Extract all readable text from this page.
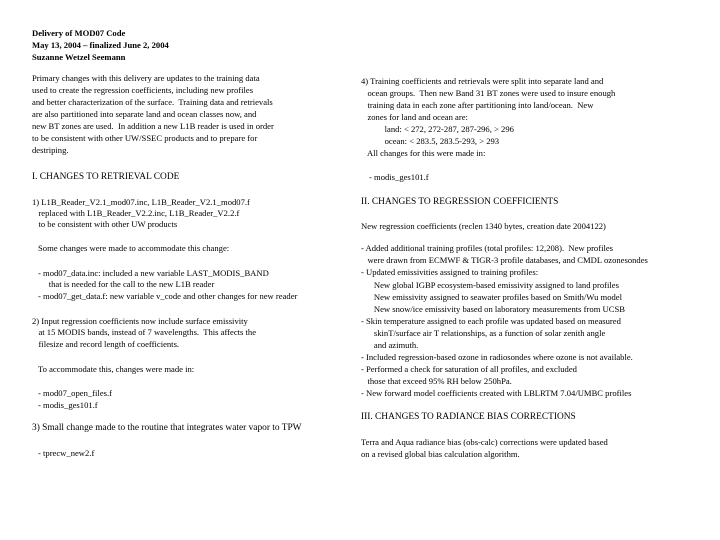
Delivery of MOD07 Code
May 13, 2004 – finalized June 2, 2004
Suzanne Wetzel Seemann
Primary changes with this delivery are updates to the training data
used to create the regression coefficients, including new profiles
and better characterization of the surface.  Training data and retrievals
are also partitioned into separate land and ocean classes now, and
new BT zones are used.  In addition a new L1B reader is used in order
to be consistent with other UW/SSEC products and to prepare for
destriping.
I. CHANGES TO RETRIEVAL CODE
1) L1B_Reader_V2.1_mod07.inc, L1B_Reader_V2.1_mod07.f
replaced with L1B_Reader_V2.2.inc, L1B_Reader_V2.2.f
to be consistent with other UW products
Some changes were made to accommodate this change:
- mod07_data.inc: included a new variable LAST_MODIS_BAND
that is needed for the call to the new L1B reader
- mod07_get_data.f: new variable v_code and other changes for new reader
2) Input regression coefficients now include surface emissivity
at 15 MODIS bands, instead of 7 wavelengths.  This affects the
filesize and record length of coefficients.
To accommodate this, changes were made in:
- mod07_open_files.f
- modis_ges101.f
3) Small change made to the routine that integrates water vapor to TPW
- tprecw_new2.f
4) Training coefficients and retrievals were split into separate land and
ocean groups.  Then new Band 31 BT zones were used to insure enough
training data in each zone after partitioning into land/ocean.  New
zones for land and ocean are:
land: < 272, 272-287, 287-296, > 296
ocean: < 283.5, 283.5-293, > 293
All changes for this were made in:
- modis_ges101.f
II. CHANGES TO REGRESSION COEFFICIENTS
New regression coefficients (reclen 1340 bytes, creation date 2004122)
- Added additional training profiles (total profiles: 12,208).  New profiles
were drawn from ECMWF & TIGR-3 profile databases, and CMDL ozonesondes
- Updated emissivities assigned to training profiles:
New global IGBP ecosystem-based emissivity assigned to land profiles
New emissivity assigned to seawater profiles based on Smith/Wu model
New snow/ice emissivity based on laboratory measurements from UCSB
- Skin temperature assigned to each profile was updated based on measured
skinT/surface air T relationships, as a function of solar zenith angle
and azimuth.
- Included regression-based ozone in radiosondes where ozone is not available.
- Performed a check for saturation of all profiles, and excluded
those that exceed 95% RH below 250hPa.
- New forward model coefficients created with LBLRTM 7.04/UMBC profiles
III. CHANGES TO RADIANCE BIAS CORRECTIONS
Terra and Aqua radiance bias (obs-calc) corrections were updated based
on a revised global bias calculation algorithm.
